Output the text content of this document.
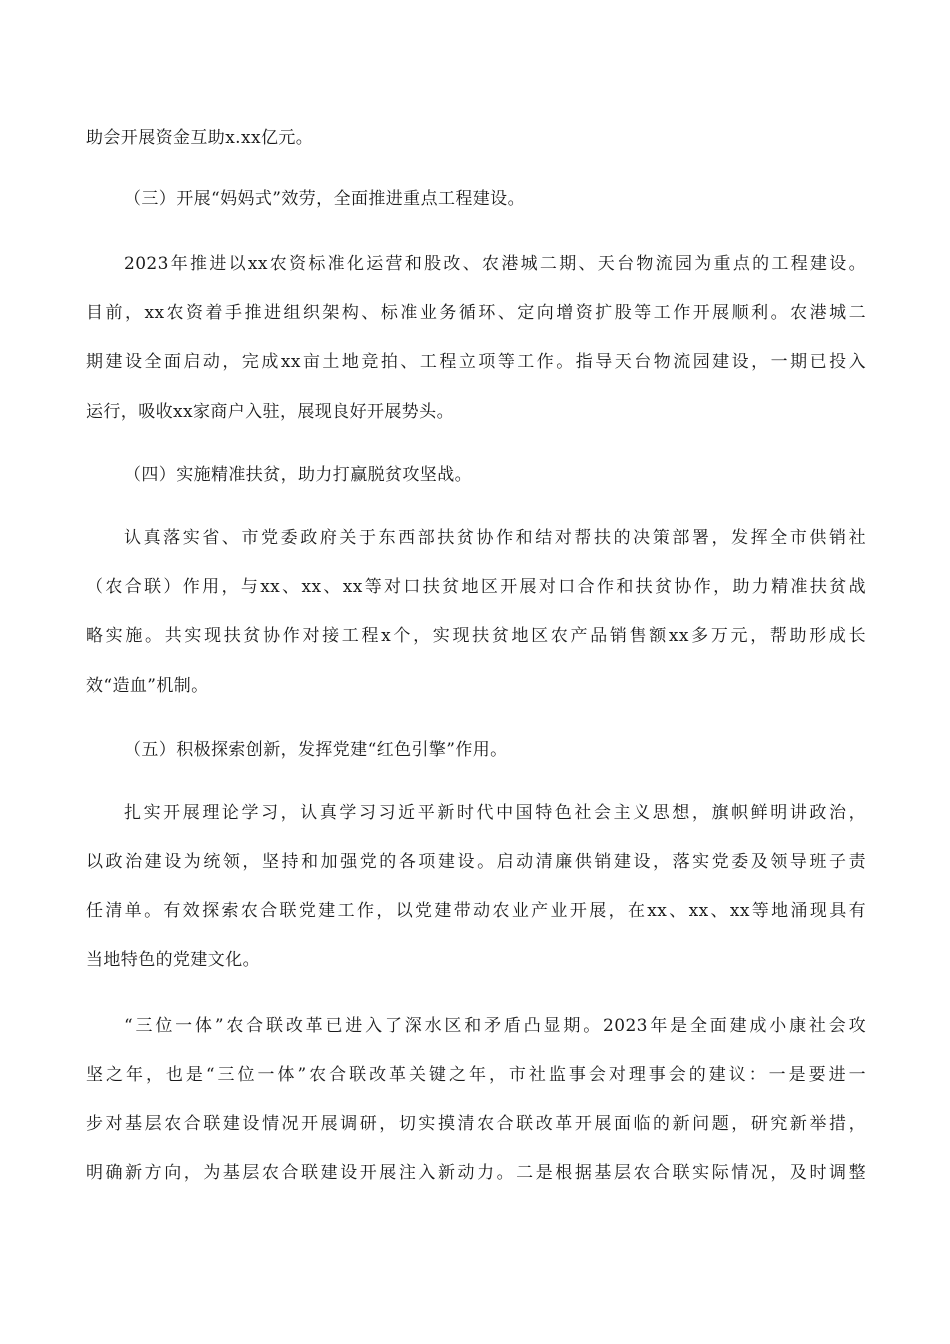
助会开展资金互助x.xx亿元。
（三）开展“妈妈式”效劳，全面推进重点工程建设。
2023年推进以xx农资标准化运营和股改、农港城二期、天台物流园为重点的工程建设。
目前，xx农资着手推进组织架构、标准业务循环、定向增资扩股等工作开展顺利。农港城二
期建设全面启动，完成xx亩土地竞拍、工程立项等工作。指导天台物流园建设，一期已投入
运行，吸收xx家商户入驻，展现良好开展势头。
（四）实施精准扶贫，助力打赢脱贫攻坚战。
认真落实省、市党委政府关于东西部扶贫协作和结对帮扶的决策部署，发挥全市供销社
（农合联）作用，与xx、xx、xx等对口扶贫地区开展对口合作和扶贫协作，助力精准扶贫战
略实施。共实现扶贫协作对接工程x个，实现扶贫地区农产品销售额xx多万元，帮助形成长
效“造血”机制。
（五）积极探索创新，发挥党建“红色引擎”作用。
扎实开展理论学习，认真学习习近平新时代中国特色社会主义思想，旗帜鲜明讲政治，
以政治建设为统领，坚持和加强党的各项建设。启动清廉供销建设，落实党委及领导班子责
任清单。有效探索农合联党建工作，以党建带动农业产业开展，在xx、xx、xx等地涌现具有
当地特色的党建文化。
“三位一体”农合联改革已进入了深水区和矛盾凸显期。2023年是全面建成小康社会攻
坚之年，也是“三位一体”农合联改革关键之年，市社监事会对理事会的建议：一是要进一
步对基层农合联建设情况开展调研，切实摸清农合联改革开展面临的新问题，研究新举措，
明确新方向，为基层农合联建设开展注入新动力。二是根据基层农合联实际情况，及时调整
